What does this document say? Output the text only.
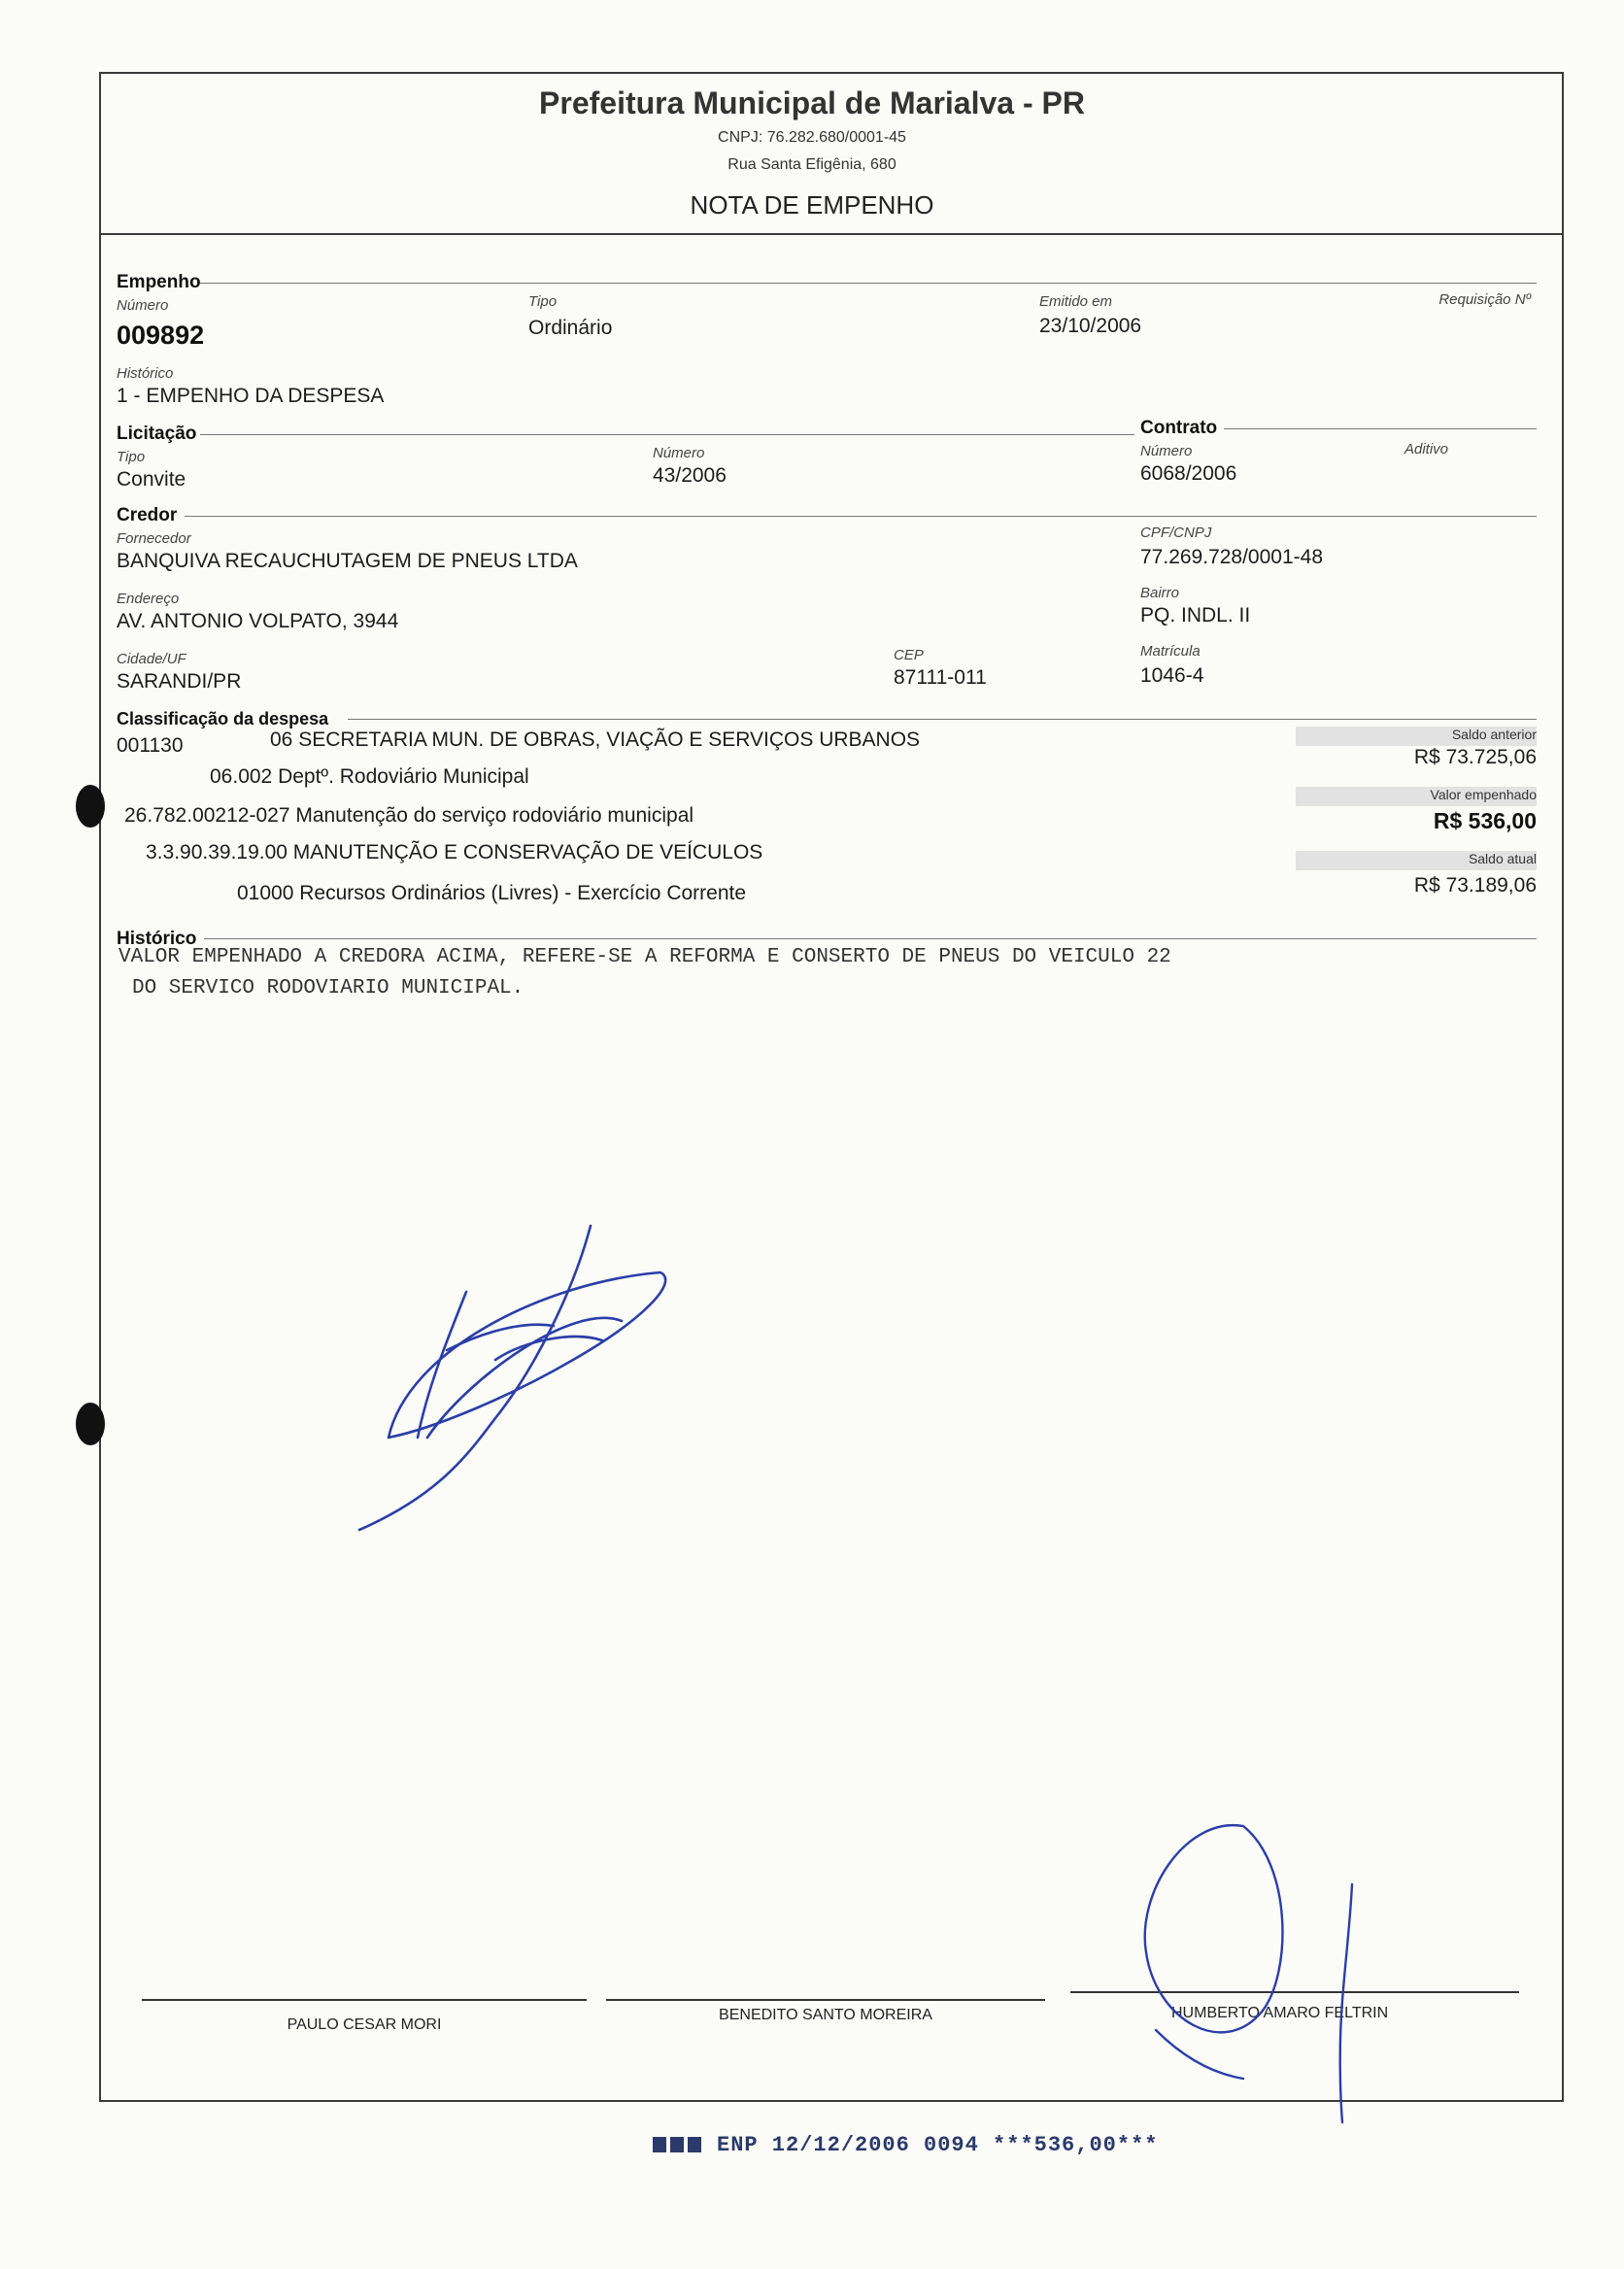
Prefeitura Municipal de Marialva - PR
CNPJ: 76.282.680/0001-45
Rua Santa Efigênia, 680
NOTA DE EMPENHO
Empenho
Número
009892
Tipo
Ordinário
Emitido em
23/10/2006
Requisição Nº
Histórico
1 - EMPENHO DA DESPESA
Licitação	Contrato
Tipo
Convite
Número
43/2006
Número
6068/2006
Aditivo
Credor
Fornecedor
BANQUIVA RECAUCHUTAGEM DE PNEUS LTDA
CPF/CNPJ
77.269.728/0001-48
Endereço
AV. ANTONIO VOLPATO, 3944
Bairro
PQ. INDL. II
Cidade/UF
SARANDI/PR
CEP
87111-011
Matrícula
1046-4
Classificação da despesa
001130	06 SECRETARIA MUN. DE OBRAS, VIAÇÃO E SERVIÇOS URBANOS
06.002 Deptº. Rodoviário Municipal
26.782.00212-027 Manutenção do serviço rodoviário municipal
3.3.90.39.19.00 MANUTENÇÃO E CONSERVAÇÃO DE VEÍCULOS
01000 Recursos Ordinários (Livres) - Exercício Corrente
Saldo anterior
R$ 73.725,06
Valor empenhado
R$ 536,00
Saldo atual
R$ 73.189,06
Histórico
VALOR EMPENHADO A CREDORA ACIMA, REFERE-SE A REFORMA E CONSERTO DE PNEUS DO VEICULO 22
DO SERVICO RODOVIARIO MUNICIPAL.
PAULO CESAR MORI
BENEDITO SANTO MOREIRA	HUMBERTO AMARO FELTRIN
ENP 12/12/2006 0094 ***536,00***
